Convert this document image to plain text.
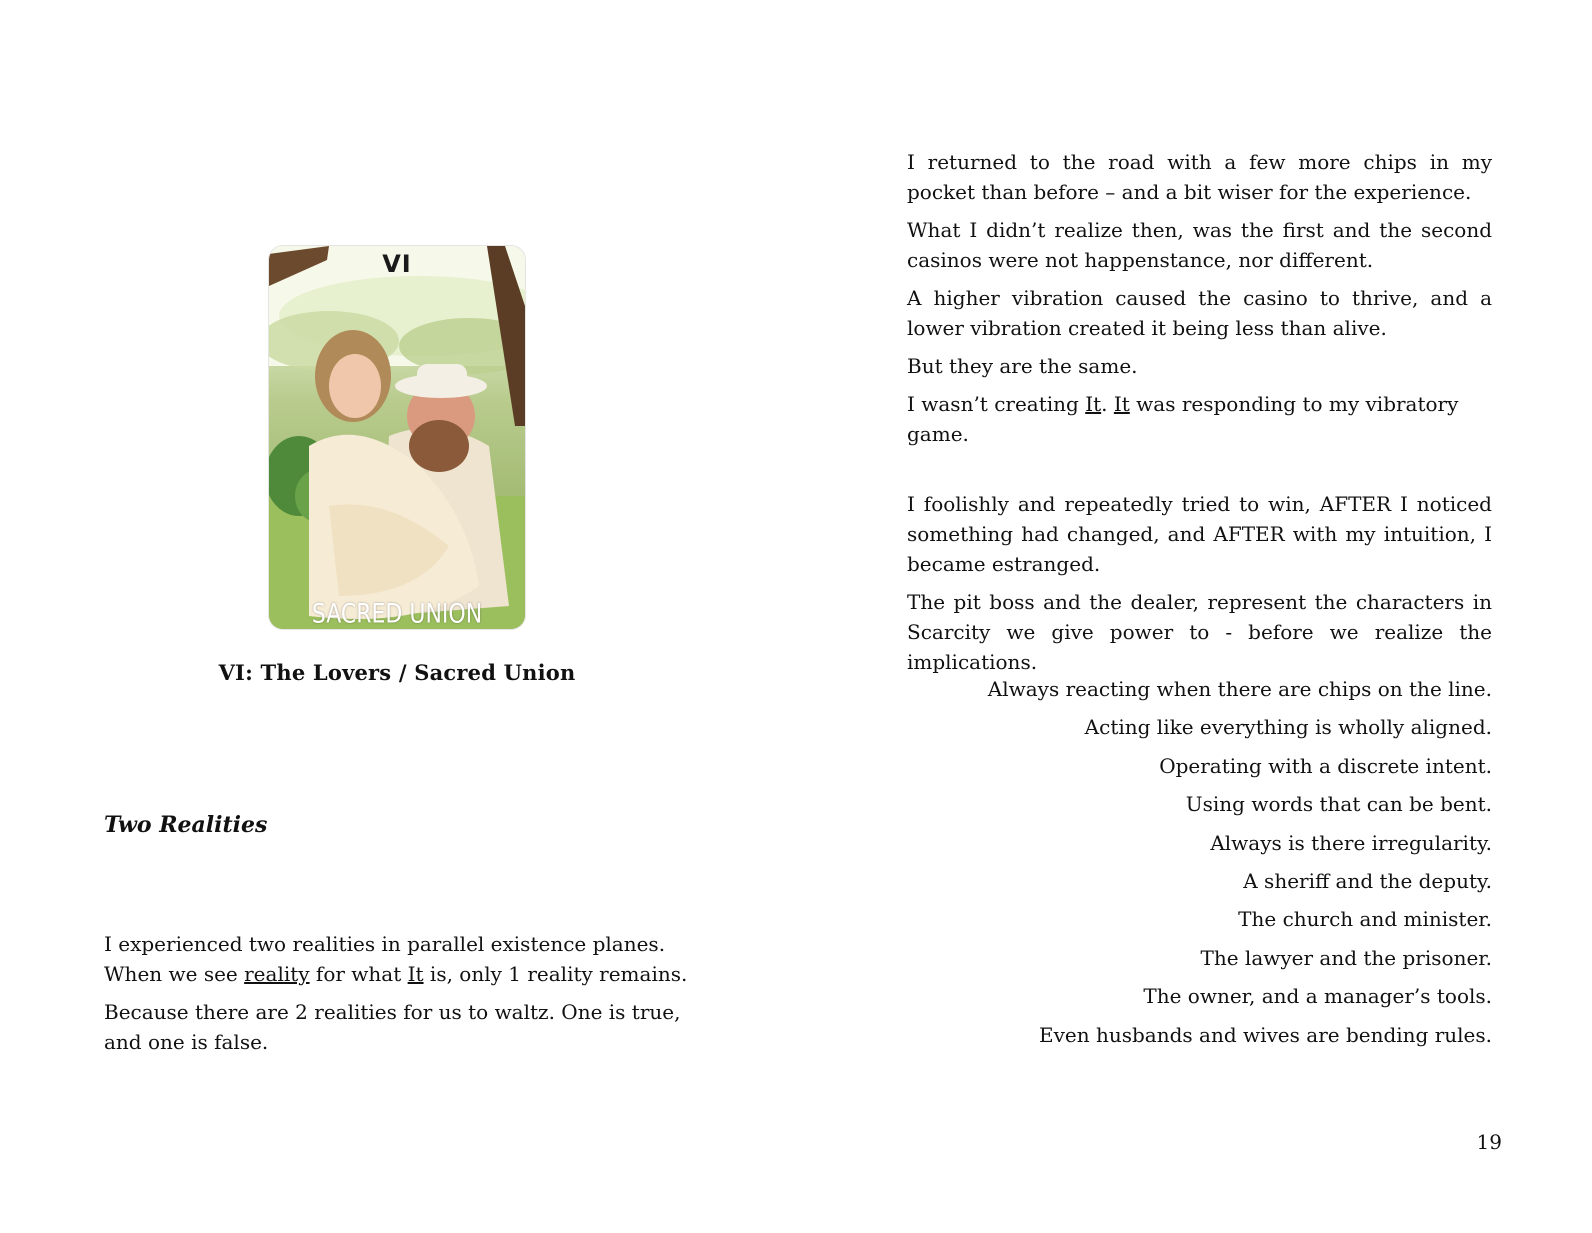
VI
SACRED UNION
VI: The Lovers / Sacred Union
Two Realities

I experienced two realities in parallel existence planes. When we see reality for what It is, only 1 reality remains.

Because there are 2 realities for us to waltz. One is true, and one is false.

I returned to the road with a few more chips in my pocket than before – and a bit wiser for the experience.

What I didn’t realize then, was the first and the second casinos were not happenstance, nor different.

A higher vibration caused the casino to thrive, and a lower vibration created it being less than alive.

But they are the same.

I wasn’t creating It. It was responding to my vibratory game.

I foolishly and repeatedly tried to win, AFTER I noticed something had changed, and AFTER with my intuition, I became estranged.

The pit boss and the dealer, represent the characters in Scarcity we give power to - before we realize the implications.

Always reacting when there are chips on the line.
Acting like everything is wholly aligned.
Operating with a discrete intent.
Using words that can be bent.
Always is there irregularity.
A sheriff and the deputy.
The church and minister.
The lawyer and the prisoner.
The owner, and a manager’s tools.
Even husbands and wives are bending rules.
19
